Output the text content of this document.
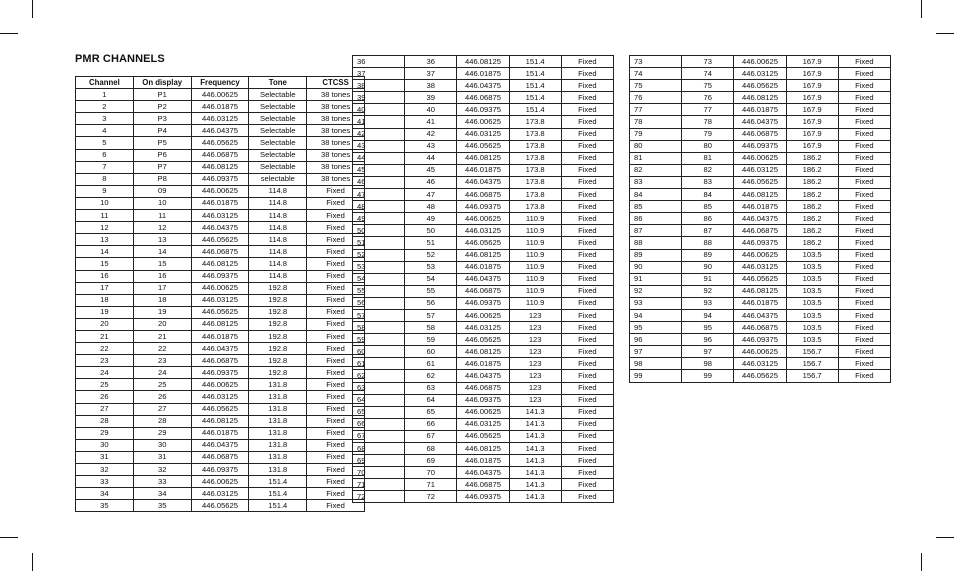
PMR CHANNELS
Channel	On display	Frequency	Tone	CTCSS
1	P1	446.00625	Selectable	38 tones
2	P2	446.01875	Selectable	38 tones
3	P3	446.03125	Selectable	38 tones
4	P4	446.04375	Selectable	38 tones
5	P5	446.05625	Selectable	38 tones
6	P6	446.06875	Selectable	38 tones
7	P7	446.08125	Selectable	38 tones
8	P8	446.09375	selectable	38 tones
9	09	446.00625	114.8	Fixed
10	10	446.01875	114.8	Fixed
11	11	446.03125	114.8	Fixed
12	12	446.04375	114.8	Fixed
13	13	446.05625	114.8	Fixed
14	14	446.06875	114.8	Fixed
15	15	446.08125	114.8	Fixed
16	16	446.09375	114.8	Fixed
17	17	446.00625	192.8	Fixed
18	18	446.03125	192.8	Fixed
19	19	446.05625	192.8	Fixed
20	20	446.08125	192.8	Fixed
21	21	446.01875	192.8	Fixed
22	22	446.04375	192.8	Fixed
23	23	446.06875	192.8	Fixed
24	24	446.09375	192.8	Fixed
25	25	446.00625	131.8	Fixed
26	26	446.03125	131.8	Fixed
27	27	446.05625	131.8	Fixed
28	28	446.08125	131.8	Fixed
29	29	446.01875	131.8	Fixed
30	30	446.04375	131.8	Fixed
31	31	446.06875	131.8	Fixed
32	32	446.09375	131.8	Fixed
33	33	446.00625	151.4	Fixed
34	34	446.03125	151.4	Fixed
35	35	446.05625	151.4	Fixed
36	36	446.08125	151.4	Fixed
37	37	446.01875	151.4	Fixed
38	38	446.04375	151.4	Fixed
39	39	446.06875	151.4	Fixed
40	40	446.09375	151.4	Fixed
41	41	446.00625	173.8	Fixed
42	42	446.03125	173.8	Fixed
43	43	446.05625	173.8	Fixed
44	44	446.08125	173.8	Fixed
45	45	446.01875	173.8	Fixed
46	46	446.04375	173.8	Fixed
47	47	446.06875	173.8	Fixed
48	48	446.09375	173.8	Fixed
49	49	446.00625	110.9	Fixed
50	50	446.03125	110.9	Fixed
51	51	446.05625	110.9	Fixed
52	52	446.08125	110.9	Fixed
53	53	446.01875	110.9	Fixed
54	54	446.04375	110.9	Fixed
55	55	446.06875	110.9	Fixed
56	56	446.09375	110.9	Fixed
57	57	446.00625	123	Fixed
58	58	446.03125	123	Fixed
59	59	446.05625	123	Fixed
60	60	446.08125	123	Fixed
61	61	446.01875	123	Fixed
62	62	446.04375	123	Fixed
63	63	446.06875	123	Fixed
64	64	446.09375	123	Fixed
65	65	446.00625	141.3	Fixed
66	66	446.03125	141.3	Fixed
67	67	446.05625	141.3	Fixed
68	68	446.08125	141.3	Fixed
69	69	446.01875	141.3	Fixed
70	70	446.04375	141.3	Fixed
71	71	446.06875	141.3	Fixed
72	72	446.09375	141.3	Fixed
73	73	446.00625	167.9	Fixed
74	74	446.03125	167.9	Fixed
75	75	446.05625	167.9	Fixed
76	76	446.08125	167.9	Fixed
77	77	446.01875	167.9	Fixed
78	78	446.04375	167.9	Fixed
79	79	446.06875	167.9	Fixed
80	80	446.09375	167.9	Fixed
81	81	446.00625	186.2	Fixed
82	82	446.03125	186.2	Fixed
83	83	446.05625	186.2	Fixed
84	84	446.08125	186.2	Fixed
85	85	446.01875	186.2	Fixed
86	86	446.04375	186.2	Fixed
87	87	446.06875	186.2	Fixed
88	88	446.09375	186.2	Fixed
89	89	446.00625	103.5	Fixed
90	90	446.03125	103.5	Fixed
91	91	446.05625	103.5	Fixed
92	92	446.08125	103.5	Fixed
93	93	446.01875	103.5	Fixed
94	94	446.04375	103.5	Fixed
95	95	446.06875	103.5	Fixed
96	96	446.09375	103.5	Fixed
97	97	446.00625	156.7	Fixed
98	98	446.03125	156.7	Fixed
99	99	446.05625	156.7	Fixed
